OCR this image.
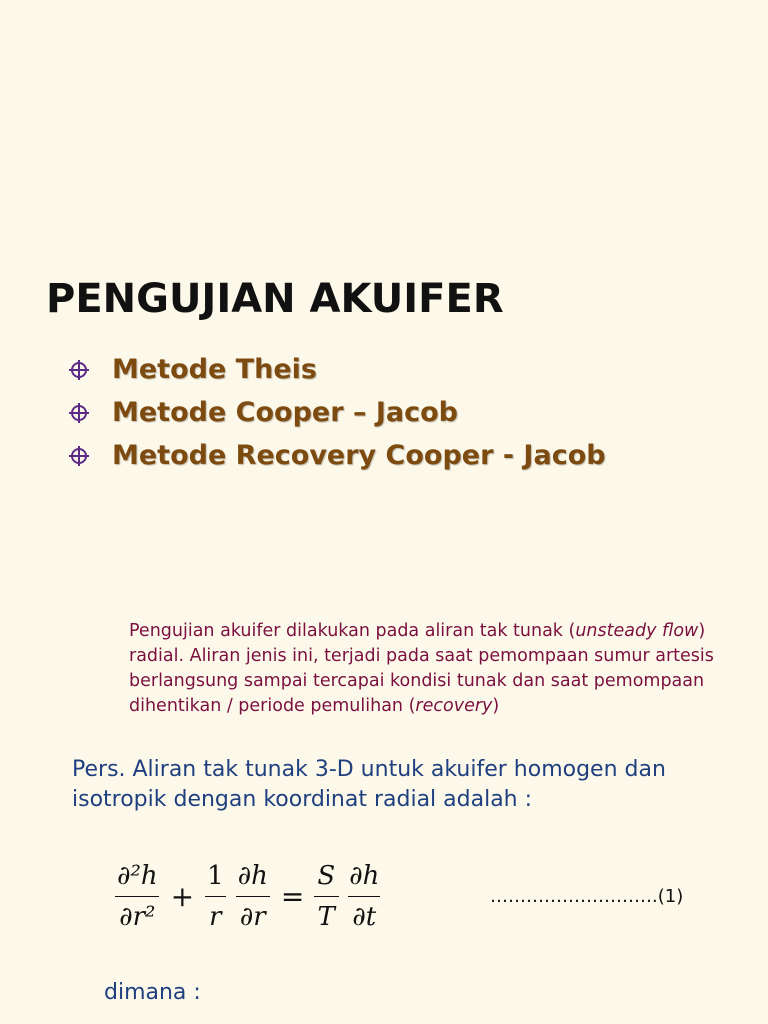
PENGUJIAN AKUIFER
Metode Theis
Metode Cooper – Jacob
Metode Recovery Cooper - Jacob
Pengujian akuifer dilakukan pada aliran tak tunak (unsteady flow) radial. Aliran jenis ini, terjadi pada saat pemompaan sumur artesis berlangsung sampai tercapai kondisi tunak dan saat pemompaan dihentikan / periode pemulihan (recovery)
Pers. Aliran tak tunak 3-D untuk akuifer homogen dan isotropik dengan koordinat radial adalah :
$\frac{\text{∂²h}}{\text{∂r²}} + \frac{1}{r} \frac{\partial h}{\partial r} = \frac{S}{T} \frac{\partial h}{\partial t}$	……………………….(1)
dimana :
